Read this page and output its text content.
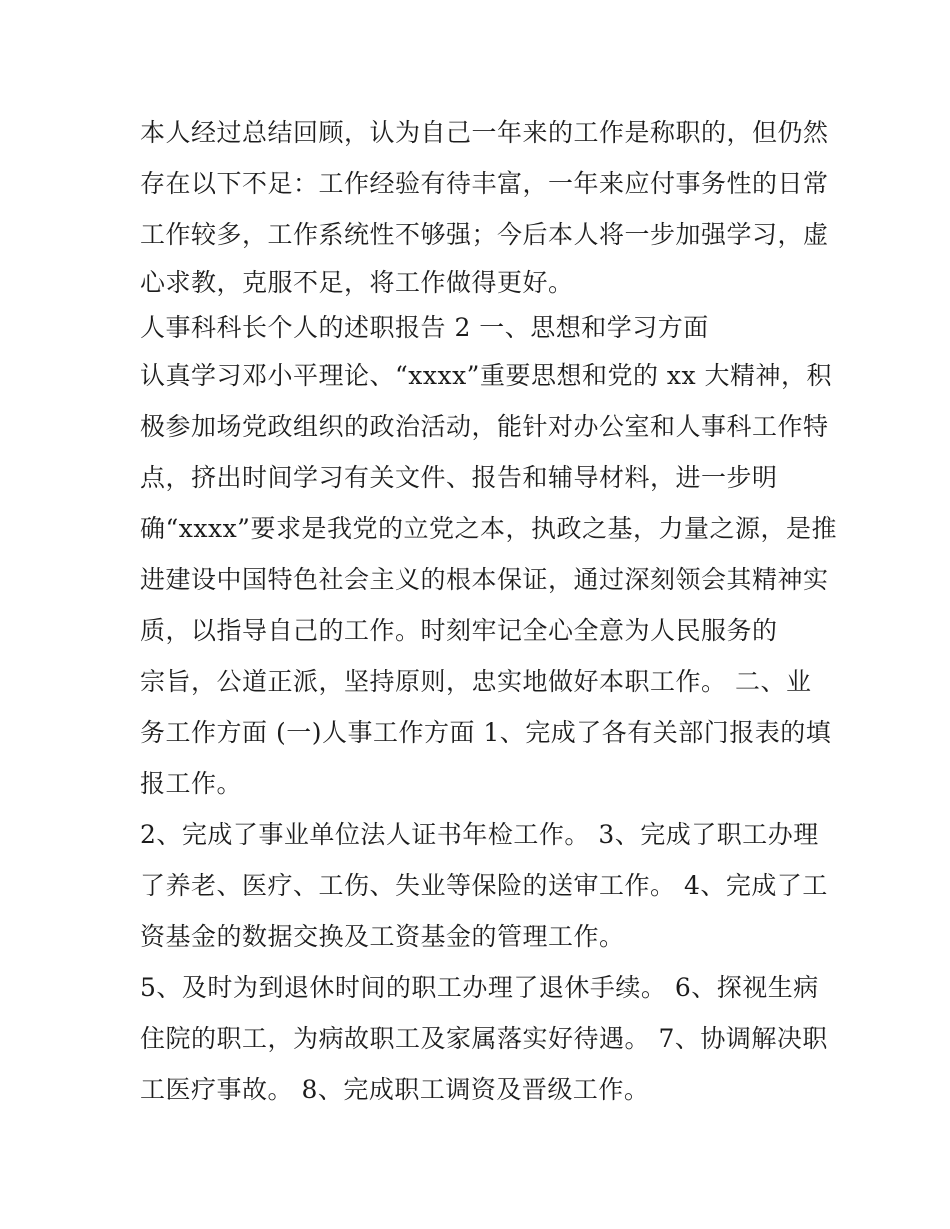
本人经过总结回顾，认为自己一年来的工作是称职的，但仍然
存在以下不足：工作经验有待丰富，一年来应付事务性的日常
工作较多，工作系统性不够强；今后本人将一步加强学习，虚
心求教，克服不足，将工作做得更好。
人事科科长个人的述职报告 2 一、思想和学习方面
认真学习邓小平理论、“xxxx”重要思想和党的 xx 大精神，积
极参加场党政组织的政治活动，能针对办公室和人事科工作特
点，挤出时间学习有关文件、报告和辅导材料，进一步明
确“xxxx”要求是我党的立党之本，执政之基，力量之源，是推
进建设中国特色社会主义的根本保证，通过深刻领会其精神实
质，以指导自己的工作。时刻牢记全心全意为人民服务的
宗旨，公道正派，坚持原则，忠实地做好本职工作。 二、业
务工作方面 (一)人事工作方面 1、完成了各有关部门报表的填
报工作。
2、完成了事业单位法人证书年检工作。 3、完成了职工办理
了养老、医疗、工伤、失业等保险的送审工作。 4、完成了工
资基金的数据交换及工资基金的管理工作。
5、及时为到退休时间的职工办理了退休手续。 6、探视生病
住院的职工，为病故职工及家属落实好待遇。 7、协调解决职
工医疗事故。 8、完成职工调资及晋级工作。
